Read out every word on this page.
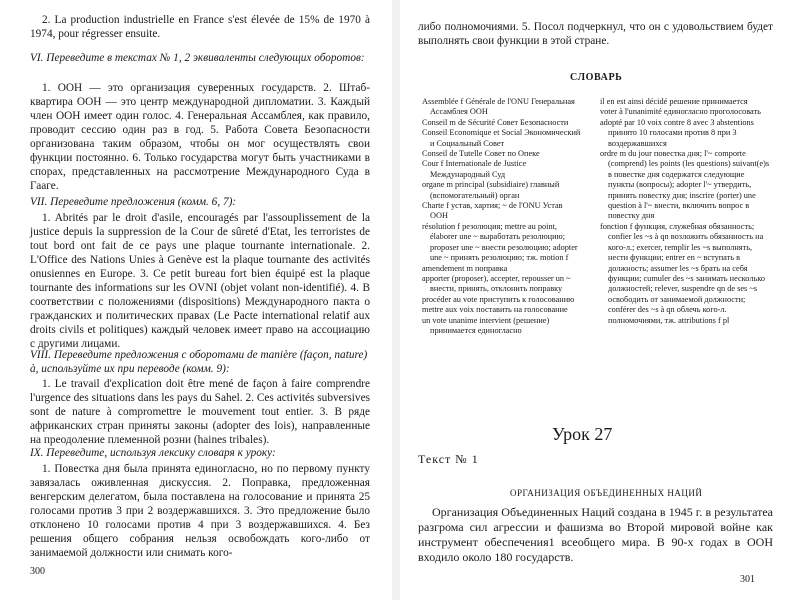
2. La production industrielle en France s'est élevée de 15% de 1970 à 1974, pour régresser ensuite.

VI. Переведите в текстах № 1, 2 эквиваленты следующих оборотов:

1. ООН — это организация суверенных государств. 2. Штаб-квартира ООН — это центр международной дипломатии. 3. Каждый член ООН имеет один голос. 4. Генеральная Ассамблея, как правило, проводит сессию один раз в год. 5. Работа Совета Безопасности организована таким образом, чтобы он мог осуществлять свои функции постоянно. 6. Только государства могут быть участниками в спорах, представленных на рассмотрение Международного Суда в Гааге.

VII. Переведите предложения (комм. 6, 7):

1. Abrités par le droit d'asile, encouragés par l'assouplissement de la justice depuis la suppression de la Cour de sûreté d'Etat, les terroristes de tout bord ont fait de ce pays une plaque tournante internationale. 2. L'Office des Nations Unies à Genève est la plaque tournante des activités onusiennes en Europe. 3. Ce petit bureau fort bien équipé est la plaque tournante des informations sur les OVNI (objet volant non-identifié). 4. В соответствии с положениями (dispositions) Международного пакта о гражданских и политических правах (Le Pacte international relatif aux droits civils et politiques) каждый человек имеет право на ассоциацию с другими лицами.

VIII. Переведите предложения с оборотами de manière (façon, nature) à, используйте их при переводе (комм. 9):

1. Le travail d'explication doit être mené de façon à faire comprendre l'urgence des situations dans les pays du Sahel. 2. Ces activités subversives sont de nature à compromettre le mouvement tout entier. 3. В ряде африканских стран приняты законы (adopter des lois), направленные на преодоление племенной розни (haines tribales).

IX. Переведите, используя лексику словаря к уроку:

1. Повестка дня была принята единогласно, но по первому пункту завязалась оживленная дискуссия. 2. Поправка, предложенная венгерским делегатом, была поставлена на голосование и принята 25 голосами против 3 при 2 воздержавшихся. 3. Это предложение было отклонено 10 голосами против 4 при 3 воздержавшихся. 4. Без решения общего собрания нельзя освобождать кого-либо от занимаемой должности или снимать кого-

300

либо полномочиями. 5. Посол подчеркнул, что он с удовольствием будет выполнять свои функции в этой стране.

СЛОВАРЬ

Assemblée f Générale de l'ONU Генеральная Ассамблея ООН

Conseil m de Sécurité Совет Безопасности

Conseil Economique et Social Экономический и Социальный Совет

Conseil de Tutelle Совет по Опеке

Cour f Internationale de Justice Международный Суд

organe m principal (subsidiaire) главный (вспомогательный) орган

Charte f устав, хартия; ~ de l'ONU Устав ООН

résolution f резолюция; mettre au point, élaborer une ~ выработать резолюцию; proposer une ~ внести резолюцию; adopter une ~ принять резолюцию; тж. motion f

amendement m поправка

apporter (proposer), accepter, repousser un ~ внести, принять, отклонить поправку

procéder au vote приступить к голосованию

mettre aux voix поставить на голосование

un vote unanime intervient (решение) принимается единогласно

il en est ainsi décidé решение принимается

voter à l'unanimité единогласно проголосовать

adopté par 10 voix contre 8 avec 3 abstentions принято 10 голосами против 8 при 3 воздержавшихся

ordre m du jour повестка дня; l'~ comporte (comprend) les points (les questions) suivant(e)s в повестке дня содержатся следующие пункты (вопросы); adopter l'~ утвердить, принять повестку дня; inscrire (porter) une question à l'~ внести, включить вопрос в повестку дня

fonction f функция, служебная обязанность; confier les ~s à qn возложить обязанность на кого-л.; exercer, remplir les ~s выполнять, нести функции; entrer en ~ вступать в должность; assumer les ~s брать на себя функции; cumuler des ~s занимать несколько должностей; relever, suspendre qn de ses ~s освободить от занимаемой должности; conférer des ~s à qn облечь кого-л. полномочиями, тж. attributions f pl

Урок 27
Текст № 1
ОРГАНИЗАЦИЯ ОБЪЕДИНЕННЫХ НАЦИЙ

Организация Объединенных Наций создана в 1945 г. в результатеa разгрома сил агрессии и фашизма во Второй мировой войне как инструмент обеспечения1 всеобщего мира. В 90-х годах в ООН входило около 180 государств.

301
